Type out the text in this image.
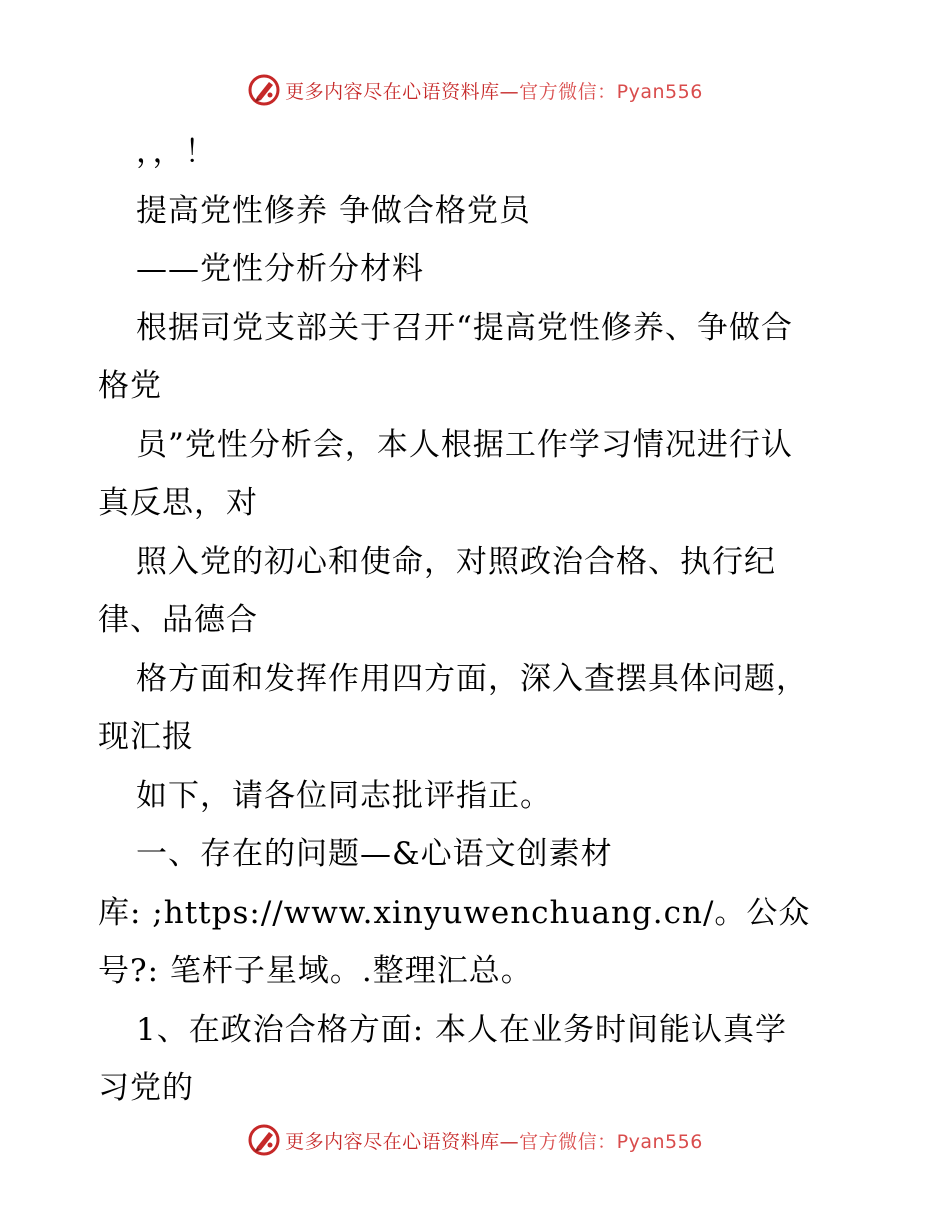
更多内容尽在心语资料库—官方微信：Pyan556
，，！
提高党性修养 争做合格党员
——党性分析分材料
根据司党支部关于召开“提高党性修养、争做合
格党
员”党性分析会，本人根据工作学习情况进行认
真反思，对
照入党的初心和使命，对照政治合格、执行纪
律、品德合
格方面和发挥作用四方面，深入查摆具体问题，
现汇报
如下，请各位同志批评指正。
一、存在的问题—&心语文创素材
库: ;https://www.xinyuwenchuang.cn/。公众
号?: 笔杆子星域。.整理汇总。
1、在政治合格方面: 本人在业务时间能认真学
习党的
更多内容尽在心语资料库—官方微信：Pyan556
